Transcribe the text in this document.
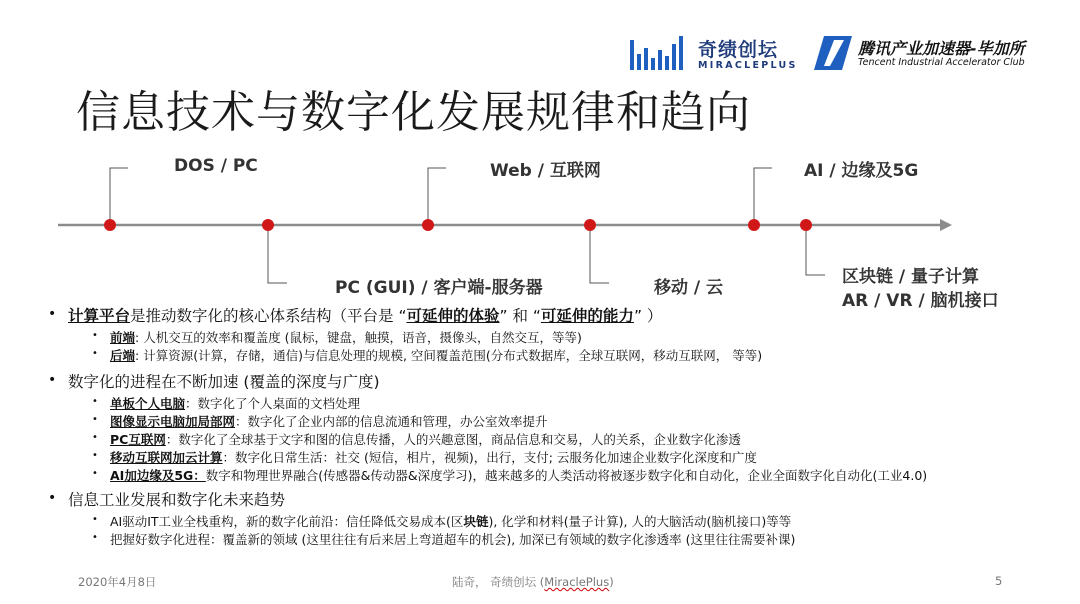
奇绩创坛
MIRACLEPLUS
腾讯产业加速器-毕加所
Tencent Industrial Accelerator Club
信息技术与数字化发展规律和趋向
DOS / PC	Web / 互联网	AI / 边缘及5G
PC (GUI) / 客户端-服务器	移动 / 云
区块链 / 量子计算
AR / VR / 脑机接口
• 计算平台是推动数字化的核心体系结构（平台是 “可延伸的体验” 和 “可延伸的能力” ）
• 前端: 人机交互的效率和覆盖度 (鼠标，键盘，触摸，语音，摄像头，自然交互，等等)
• 后端: 计算资源(计算，存储，通信)与信息处理的规模, 空间覆盖范围(分布式数据库，全球互联网，移动互联网， 等等)
• 数字化的进程在不断加速 (覆盖的深度与广度)
• 单板个人电脑：数字化了个人桌面的文档处理
• 图像显示电脑加局部网：数字化了企业内部的信息流通和管理，办公室效率提升
• PC互联网：数字化了全球基于文字和图的信息传播，人的兴趣意图，商品信息和交易，人的关系，企业数字化渗透
• 移动互联网加云计算：数字化日常生活：社交 (短信，相片，视频)，出行，支付; 云服务化加速企业数字化深度和广度
• AI加边缘及5G：数字和物理世界融合(传感器&传动器&深度学习)，越来越多的人类活动将被逐步数字化和自动化，企业全面数字化自动化(工业4.0)
• 信息工业发展和数字化未来趋势
• AI驱动IT工业全栈重构，新的数字化前沿：信任降低交易成本(区块链), 化学和材料(量子计算), 人的大脑活动(脑机接口)等等
• 把握好数字化进程：覆盖新的领域 (这里往往有后来居上弯道超车的机会), 加深已有领域的数字化渗透率 (这里往往需要补课)
2020年4月8日	陆奇， 奇绩创坛 (MiraclePlus)	5
